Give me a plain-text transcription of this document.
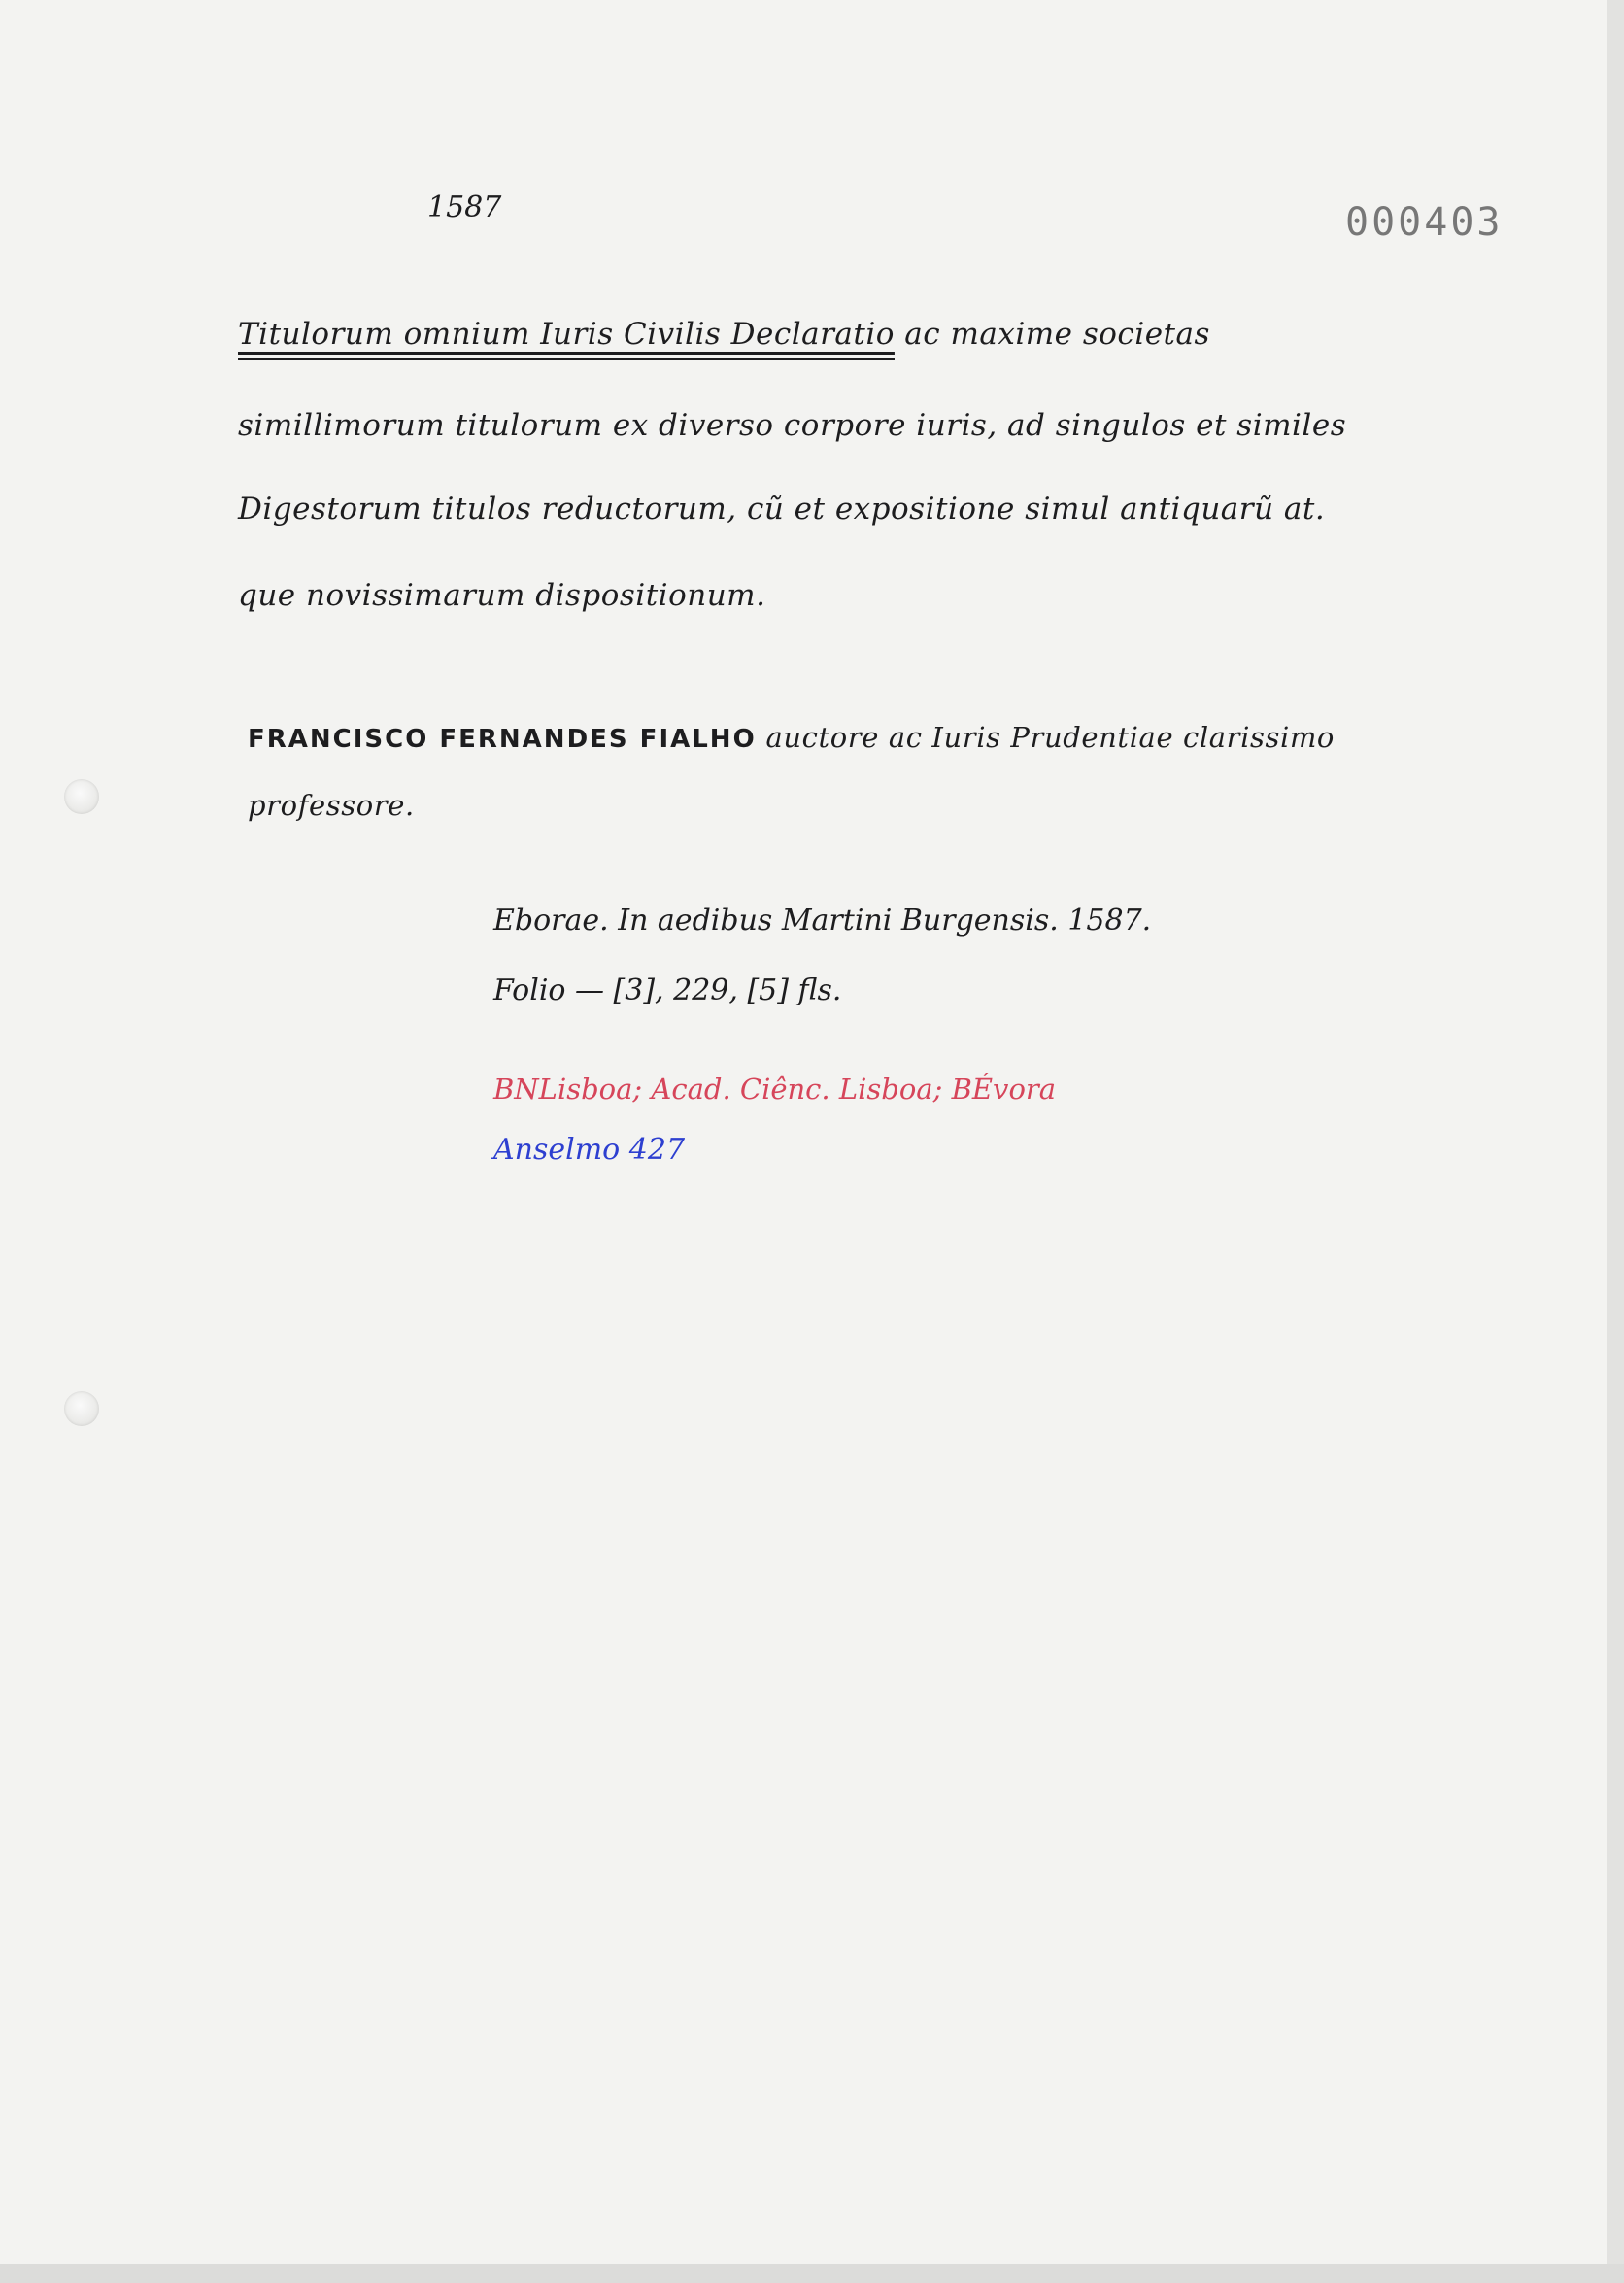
1587	000403
Titulorum omnium Iuris Civilis Declaratio ac maxime societas
simillimorum titulorum ex diverso corpore iuris, ad singulos et similes
Digestorum titulos reductorum, cũ et expositione simul antiquarũ at.
que novissimarum dispositionum.
FRANCISCO FERNANDES FIALHO auctore ac Iuris Prudentiae clarissimo
professore.
Eborae. In aedibus Martini Burgensis. 1587.
Folio — [3], 229, [5] fls.
BNLisboa; Acad. Ciênc. Lisboa; BÉvora
Anselmo 427
